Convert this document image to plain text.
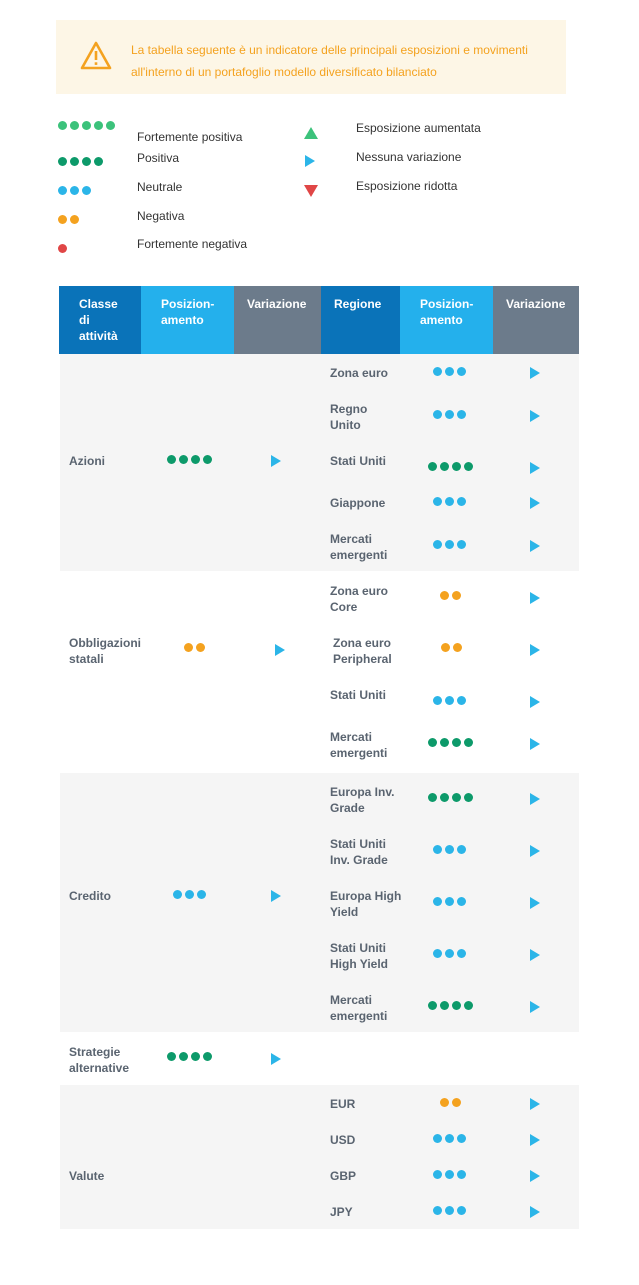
La tabella seguente è un indicatore delle principali esposizioni e movimenti all'interno di un portafoglio modello diversificato bilanciato
Fortemente positiva
Positiva
Neutrale
Negativa
Fortemente negativa
Esposizione aumentata
Nessuna variazione
Esposizione ridotta
Classe di attività
Posizion- amento
Variazione	Regione	Posizion- amento
Variazione
Azioni
Zona euro
Regno Unito
Stati Uniti
Giappone
Mercati emergenti
Obbligazioni statali
Zona euro Core
Zona euro Peripheral
Stati Uniti
Mercati emergenti
Credito
Europa Inv. Grade
Stati Uniti Inv. Grade
Europa High Yield
Stati Uniti High Yield
Mercati emergenti
Strategie alternative
Valute
EUR
USD
GBP
JPY
